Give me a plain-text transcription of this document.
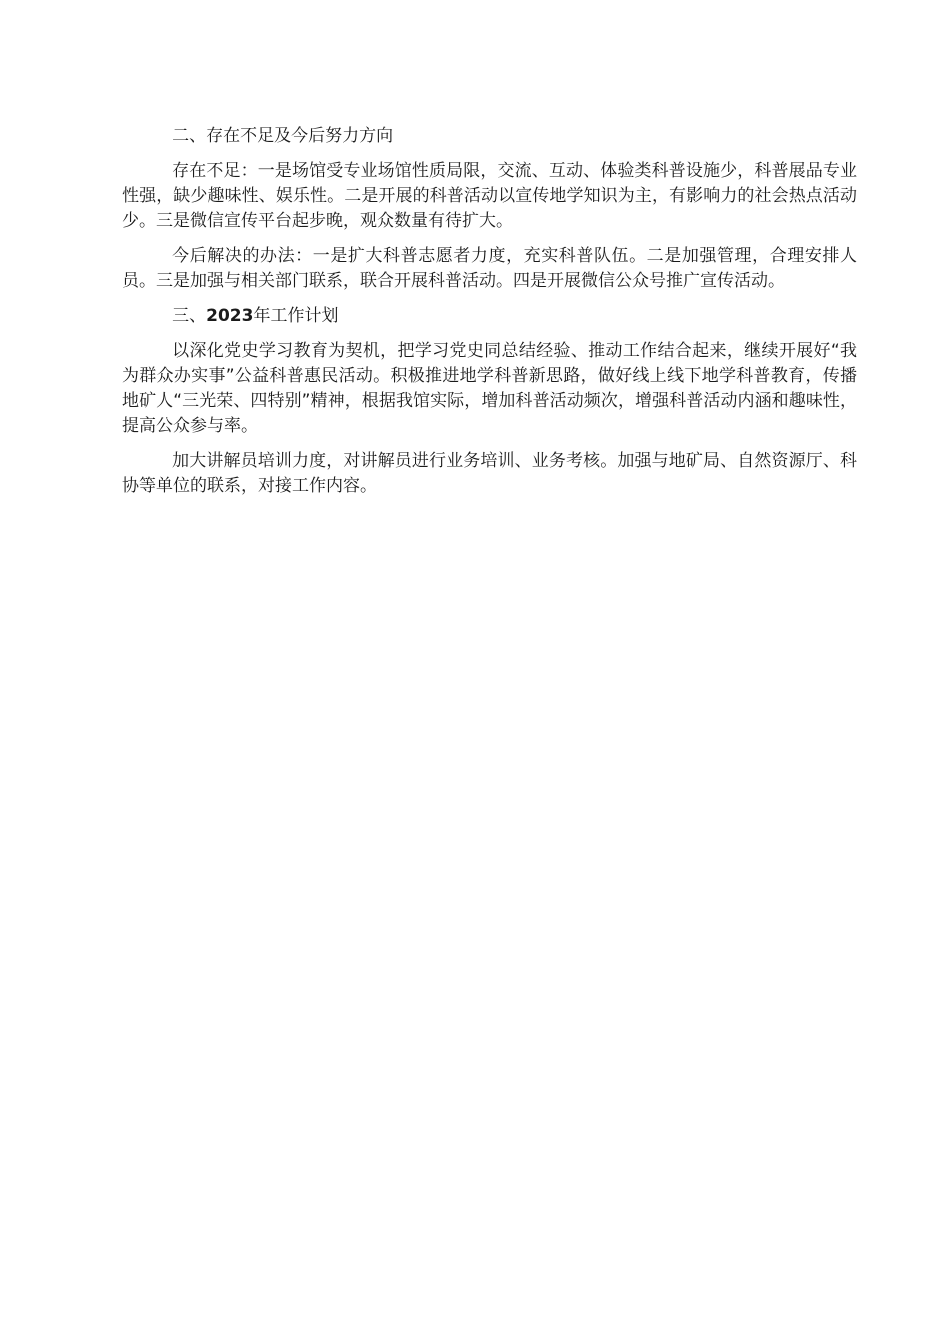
二、存在不足及今后努力方向

存在不足：一是场馆受专业场馆性质局限，交流、互动、体验类科普设施少，科普展品专业性强，缺少趣味性、娱乐性。二是开展的科普活动以宣传地学知识为主，有影响力的社会热点活动少。三是微信宣传平台起步晚，观众数量有待扩大。

今后解决的办法：一是扩大科普志愿者力度，充实科普队伍。二是加强管理，合理安排人员。三是加强与相关部门联系，联合开展科普活动。四是开展微信公众号推广宣传活动。

三、2023年工作计划

以深化党史学习教育为契机，把学习党史同总结经验、推动工作结合起来，继续开展好“我为群众办实事”公益科普惠民活动。积极推进地学科普新思路，做好线上线下地学科普教育，传播地矿人“三光荣、四特别”精神，根据我馆实际，增加科普活动频次，增强科普活动内涵和趣味性，提高公众参与率。

加大讲解员培训力度，对讲解员进行业务培训、业务考核。加强与地矿局、自然资源厅、科协等单位的联系，对接工作内容。
